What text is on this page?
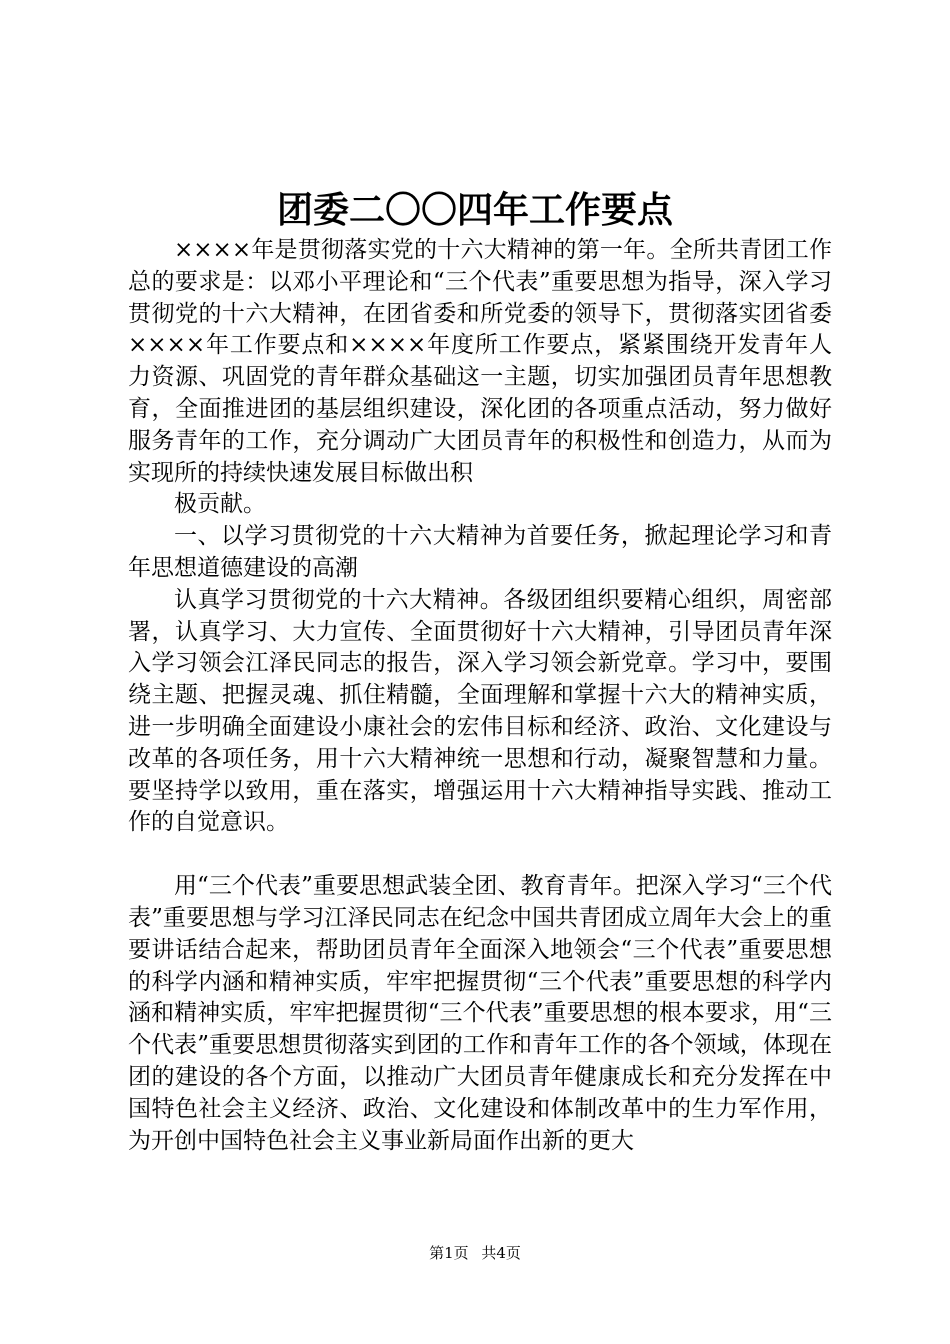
团委二〇〇四年工作要点

××××年是贯彻落实党的十六大精神的第一年。全所共青团工作总的要求是：以邓小平理论和“三个代表”重要思想为指导，深入学习贯彻党的十六大精神，在团省委和所党委的领导下，贯彻落实团省委××××年工作要点和××××年度所工作要点，紧紧围绕开发青年人力资源、巩固党的青年群众基础这一主题，切实加强团员青年思想教育，全面推进团的基层组织建设，深化团的各项重点活动，努力做好服务青年的工作，充分调动广大团员青年的积极性和创造力，从而为实现所的持续快速发展目标做出积

极贡献。

一、以学习贯彻党的十六大精神为首要任务，掀起理论学习和青年思想道德建设的高潮

认真学习贯彻党的十六大精神。各级团组织要精心组织，周密部署，认真学习、大力宣传、全面贯彻好十六大精神，引导团员青年深入学习领会江泽民同志的报告，深入学习领会新党章。学习中，要围绕主题、把握灵魂、抓住精髓，全面理解和掌握十六大的精神实质，进一步明确全面建设小康社会的宏伟目标和经济、政治、文化建设与改革的各项任务，用十六大精神统一思想和行动，凝聚智慧和力量。要坚持学以致用，重在落实，增强运用十六大精神指导实践、推动工作的自觉意识。

用“三个代表”重要思想武装全团、教育青年。把深入学习“三个代表”重要思想与学习江泽民同志在纪念中国共青团成立周年大会上的重要讲话结合起来，帮助团员青年全面深入地领会“三个代表”重要思想的科学内涵和精神实质，牢牢把握贯彻“三个代表”重要思想的科学内涵和精神实质，牢牢把握贯彻“三个代表”重要思想的根本要求，用“三个代表”重要思想贯彻落实到团的工作和青年工作的各个领域，体现在团的建设的各个方面，以推动广大团员青年健康成长和充分发挥在中国特色社会主义经济、政治、文化建设和体制改革中的生力军作用，为开创中国特色社会主义事业新局面作出新的更大

第1页 共4页
